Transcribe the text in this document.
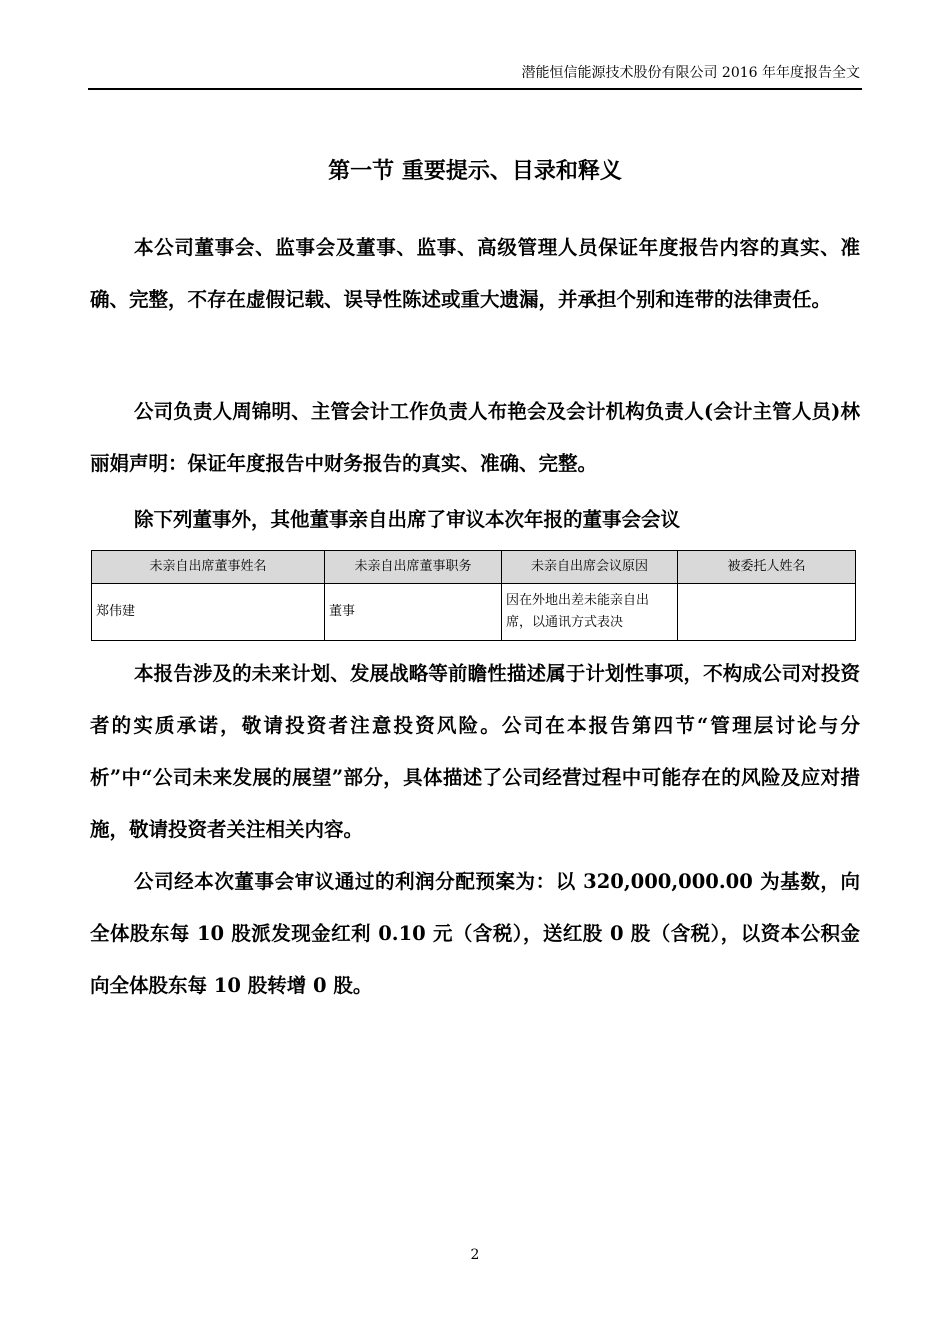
潜能恒信能源技术股份有限公司 2016 年年度报告全文
第一节 重要提示、目录和释义

本公司董事会、监事会及董事、监事、高级管理人员保证年度报告内容的真实、准确、完整，不存在虚假记载、误导性陈述或重大遗漏，并承担个别和连带的法律责任。

公司负责人周锦明、主管会计工作负责人布艳会及会计机构负责人(会计主管人员)林丽娟声明：保证年度报告中财务报告的真实、准确、完整。

除下列董事外，其他董事亲自出席了审议本次年报的董事会会议

未亲自出席董事姓名	未亲自出席董事职务	未亲自出席会议原因	被委托人姓名
郑伟建	董事	因在外地出差未能亲自出席，以通讯方式表决	

本报告涉及的未来计划、发展战略等前瞻性描述属于计划性事项，不构成公司对投资者的实质承诺，敬请投资者注意投资风险。公司在本报告第四节“管理层讨论与分析”中“公司未来发展的展望”部分，具体描述了公司经营过程中可能存在的风险及应对措施，敬请投资者关注相关内容。

公司经本次董事会审议通过的利润分配预案为：以 320,000,000.00 为基数，向全体股东每 10 股派发现金红利 0.10 元（含税），送红股 0 股（含税），以资本公积金向全体股东每 10 股转增 0 股。

2
